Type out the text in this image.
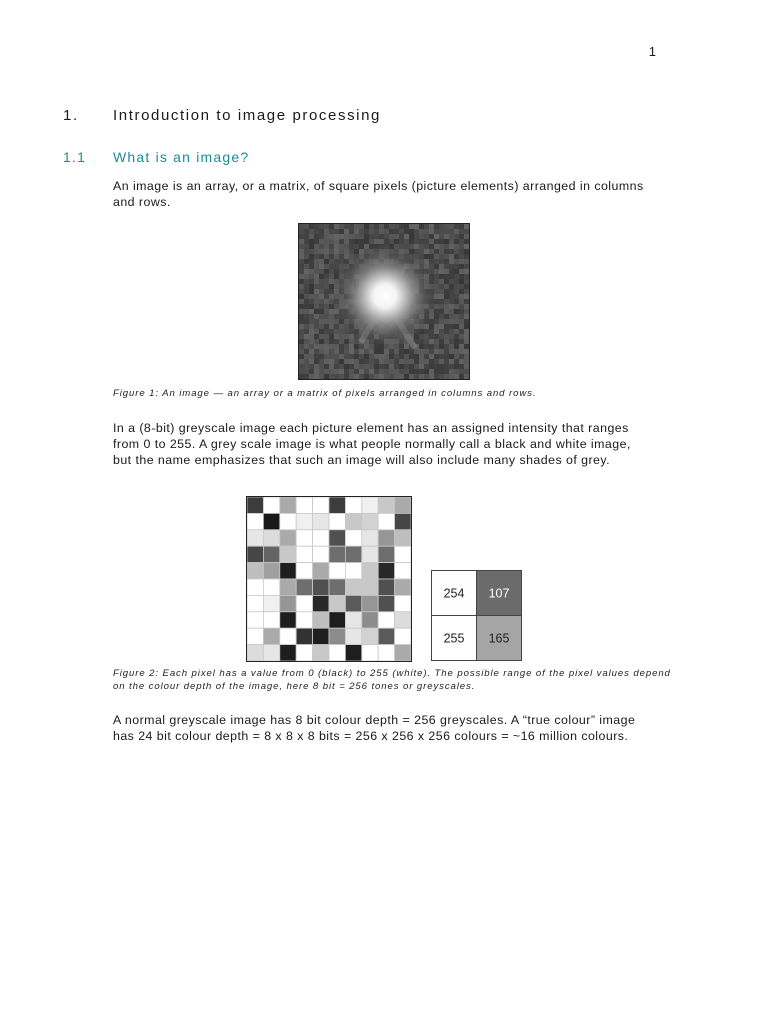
1
1. Introduction to image processing
1.1 What is an image?

An image is an array, or a matrix, of square pixels (picture elements) arranged in columns and rows.

Figure 1: An image — an array or a matrix of pixels arranged in columns and rows.

In a (8-bit) greyscale image each picture element has an assigned intensity that ranges from 0 to 255. A grey scale image is what people normally call a black and white image, but the name emphasizes that such an image will also include many shades of grey.

254 107
255 165

Figure 2: Each pixel has a value from 0 (black) to 255 (white). The possible range of the pixel values depend on the colour depth of the image, here 8 bit = 256 tones or greyscales.

A normal greyscale image has 8 bit colour depth = 256 greyscales. A “true colour” image has 24 bit colour depth = 8 x 8 x 8 bits = 256 x 256 x 256 colours = ~16 million colours.
